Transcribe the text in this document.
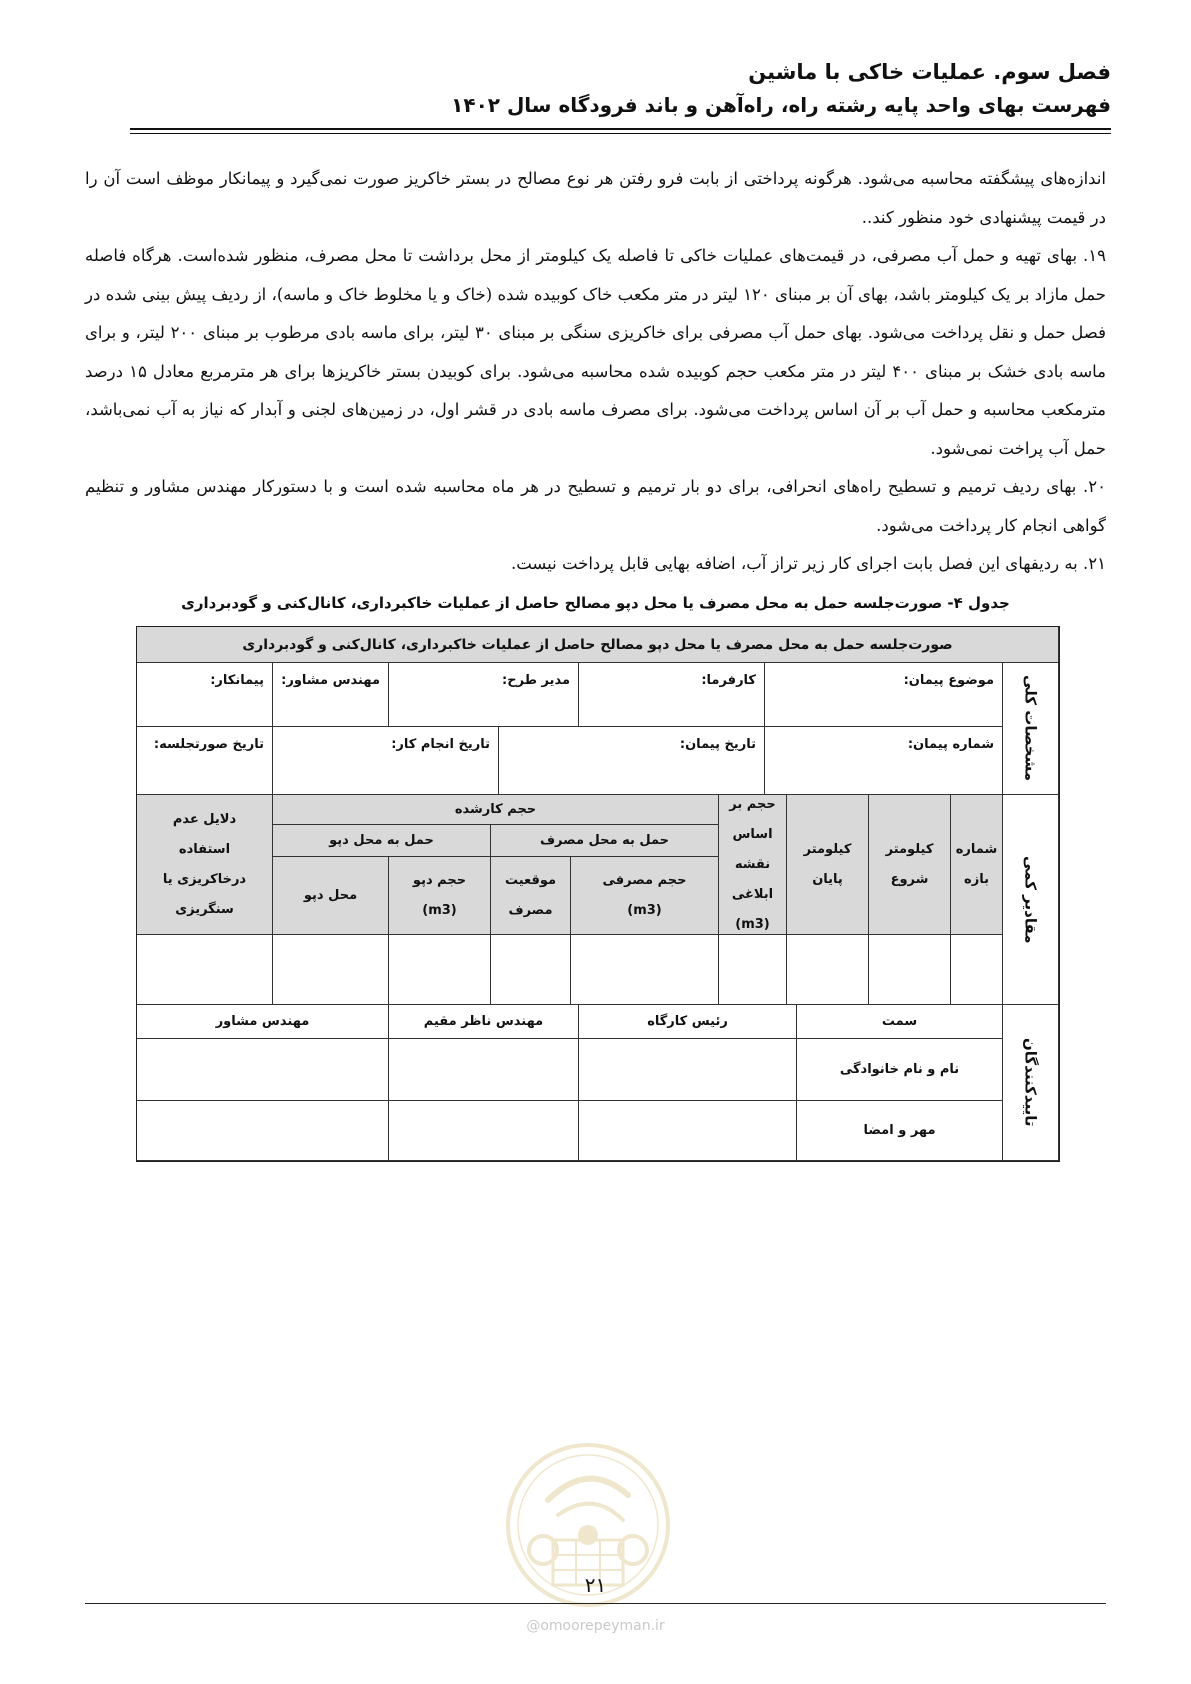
فصل سوم. عملیات خاکی با ماشین
فهرست بهای واحد پایه رشته راه، راه‌آهن و باند فرودگاه سال ۱۴۰۲

اندازه‌های پیشگفته محاسبه می‌شود. هرگونه پرداختی از بابت فرو رفتن هر نوع مصالح در بستر خاکریز صورت نمی‌گیرد و پیمانکار موظف است آن را در قیمت پیشنهادی خود منظور کند..

۱۹. بهای تهیه و حمل آب مصرفی، در قیمت‌های عملیات خاکی تا فاصله یک کیلومتر از محل برداشت تا محل مصرف، منظور شده‌است. هرگاه فاصله حمل مازاد بر یک کیلومتر باشد، بهای آن بر مبنای ۱۲۰ لیتر در متر مکعب خاک کوبیده شده (خاک و یا مخلوط خاک و ماسه)، از ردیف پیش بینی شده در فصل حمل و نقل پرداخت می‌شود. بهای حمل آب مصرفی برای خاکریزی سنگی بر مبنای ۳۰ لیتر، برای ماسه بادی مرطوب بر مبنای ۲۰۰ لیتر، و برای ماسه بادی خشک بر مبنای ۴۰۰ لیتر در متر مکعب حجم کوبیده شده محاسبه می‌شود. برای کوبیدن بستر خاکریزها برای هر مترمربع معادل ۱۵ درصد مترمکعب محاسبه و حمل آب بر آن اساس پرداخت می‌شود. برای مصرف ماسه بادی در قشر اول، در زمین‌های لجنی و آبدار که نیاز به آب نمی‌باشد، حمل آب پراخت نمی‌شود.

۲۰. بهای ردیف ترمیم و تسطیح راه‌های انحرافی، برای دو بار ترمیم و تسطیح در هر ماه محاسبه شده است و با دستورکار مهندس مشاور و تنظیم گواهی انجام کار پرداخت می‌شود.

۲۱. به ردیفهای این فصل بابت اجرای کار زیر تراز آب، اضافه بهایی قابل پرداخت نیست.

جدول ۴- صورت‌جلسه حمل به محل مصرف یا محل دپو مصالح حاصل از عملیات خاکبرداری، کانال‌کنی و گودبرداری
صورت‌جلسه حمل به محل مصرف یا محل دپو مصالح حاصل از عملیات خاکبرداری، کانال‌کنی و گودبرداری
مشخصات کلی
موضوع پیمان:
کارفرما:
مدیر طرح:
مهندس مشاور:
پیمانکار:
شماره پیمان:
تاریخ پیمان:
تاریخ انجام کار:
تاریخ صورتجلسه:
مقادیر کمی
شماره بازه
کیلومتر شروع
کیلومتر پایان
حجم بر اساس نقشه ابلاغی
(m3)
حجم کارشده
حمل به محل مصرف
حمل به محل دپو
حجم مصرفی
(m3)
موقعیت مصرف
حجم دپو
(m3)
محل دپو
دلایل عدم استفاده درخاکریزی یا سنگریزی
تاییدکنندگان
سمت
رئیس کارگاه
مهندس ناظر مقیم
مهندس مشاور
نام و نام خانوادگی
مهر و امضا
۲۱
@omoorepeyman.ir
